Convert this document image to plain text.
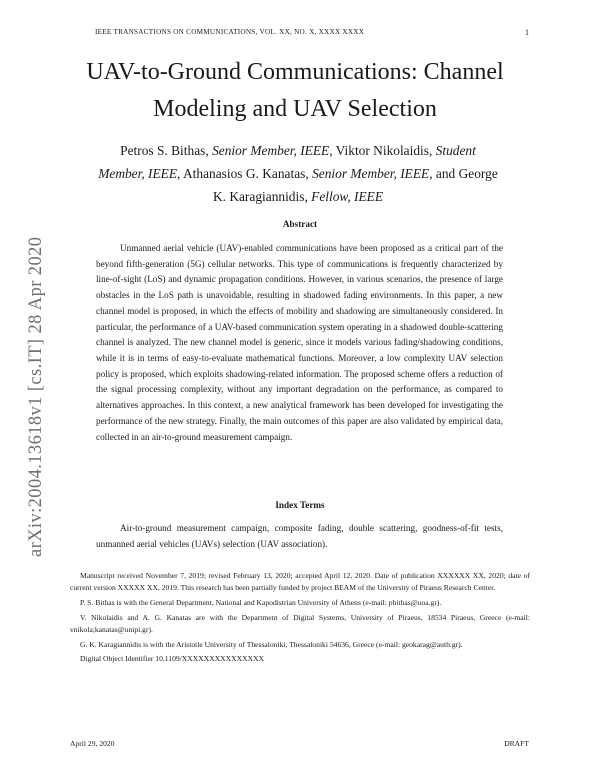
IEEE TRANSACTIONS ON COMMUNICATIONS, VOL. XX, NO. X, XXXX XXXX	1
arXiv:2004.13618v1 [cs.IT] 28 Apr 2020
UAV-to-Ground Communications: Channel Modeling and UAV Selection
Petros S. Bithas, Senior Member, IEEE, Viktor Nikolaidis, Student Member, IEEE, Athanasios G. Kanatas, Senior Member, IEEE, and George K. Karagiannidis, Fellow, IEEE
Abstract
Unmanned aerial vehicle (UAV)-enabled communications have been proposed as a critical part of the beyond fifth-generation (5G) cellular networks. This type of communications is frequently characterized by line-of-sight (LoS) and dynamic propagation conditions. However, in various scenarios, the presence of large obstacles in the LoS path is unavoidable, resulting in shadowed fading environments. In this paper, a new channel model is proposed, in which the effects of mobility and shadowing are simultaneously considered. In particular, the performance of a UAV-based communication system operating in a shadowed double-scattering channel is analyzed. The new channel model is generic, since it models various fading/shadowing conditions, while it is in terms of easy-to-evaluate mathematical functions. Moreover, a low complexity UAV selection policy is proposed, which exploits shadowing-related information. The proposed scheme offers a reduction of the signal processing complexity, without any important degradation on the performance, as compared to alternatives approaches. In this context, a new analytical framework has been developed for investigating the performance of the new strategy. Finally, the main outcomes of this paper are also validated by empirical data, collected in an air-to-ground measurement campaign.
Index Terms
Air-to-ground measurement campaign, composite fading, double scattering, goodness-of-fit tests, unmanned aerial vehicles (UAVs) selection (UAV association).

Manuscript received November 7, 2019; revised February 13, 2020; accepted April 12, 2020. Date of publication XXXXXX XX, 2020; date of current version XXXXX XX, 2019. This research has been partially funded by project BEAM of the University of Piraeus Research Center.

P. S. Bithas is with the General Department, National and Kapodistrian University of Athens (e-mail: pbithas@uoa.gr).

V. Nikolaidis and A. G. Kanatas are with the Department of Digital Systems, University of Piraeus, 18534 Piraeus, Greece (e-mail: vnikola;kanatas@unipi.gr).

G. K. Karagiannidis is with the Aristotle University of Thessaloniki, Thessaloniki 54636, Greece (e-mail: geokarag@auth.gr).

Digital Object Identifier 10.1109/XXXXXXXXXXXXXXX

April 29, 2020	DRAFT
